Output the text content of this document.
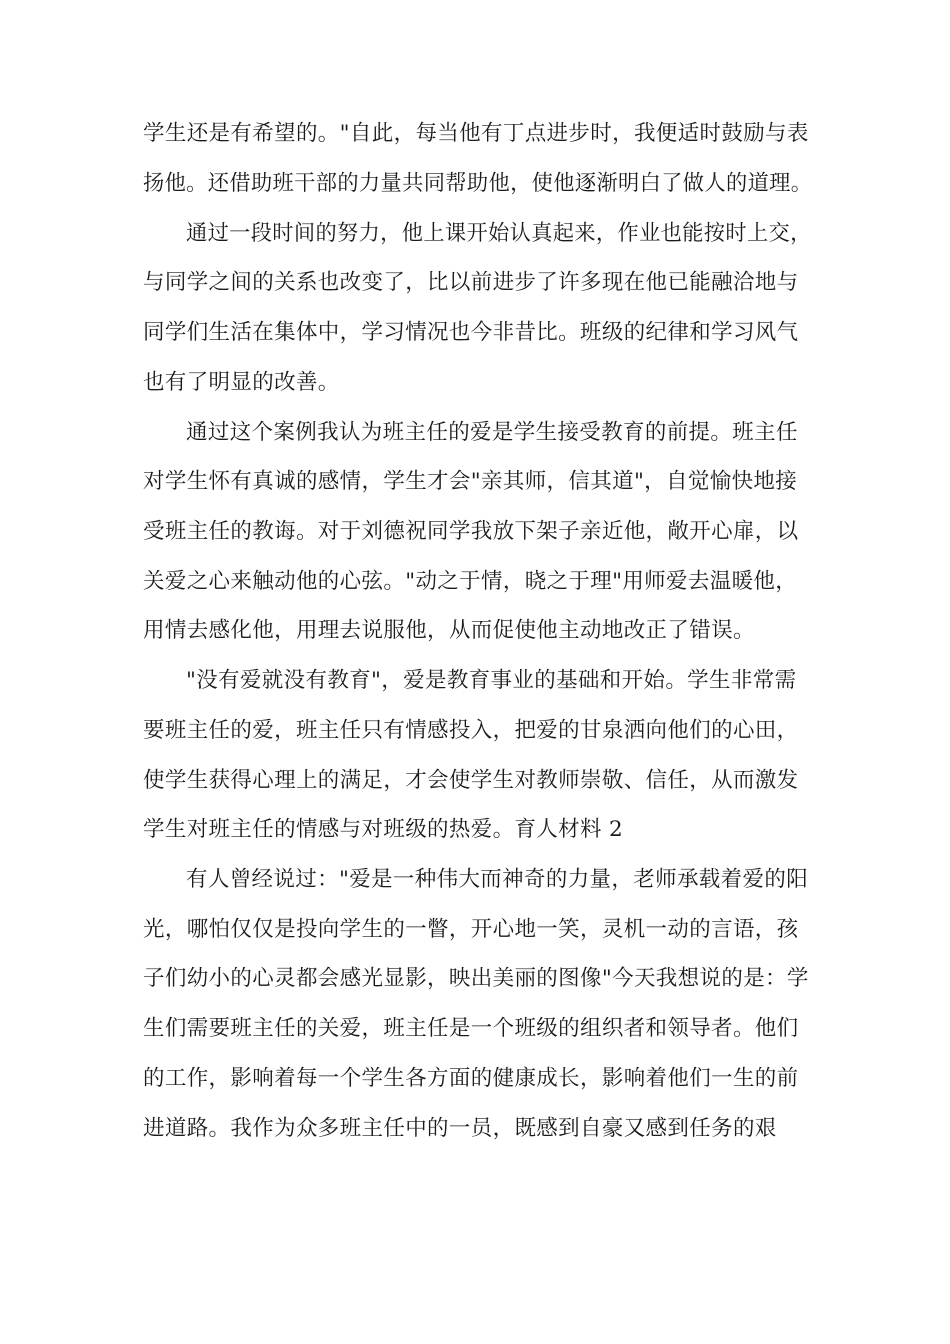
学生还是有希望的。"自此，每当他有丁点进步时，我便适时鼓励与表

扬他。还借助班干部的力量共同帮助他，使他逐渐明白了做人的道理。

通过一段时间的努力，他上课开始认真起来，作业也能按时上交，

与同学之间的关系也改变了，比以前进步了许多现在他已能融洽地与

同学们生活在集体中，学习情况也今非昔比。班级的纪律和学习风气

也有了明显的改善。

通过这个案例我认为班主任的爱是学生接受教育的前提。班主任

对学生怀有真诚的感情，学生才会"亲其师，信其道"，自觉愉快地接

受班主任的教诲。对于刘德祝同学我放下架子亲近他，敞开心扉，以

关爱之心来触动他的心弦。"动之于情，晓之于理"用师爱去温暖他，

用情去感化他，用理去说服他，从而促使他主动地改正了错误。

"没有爱就没有教育"，爱是教育事业的基础和开始。学生非常需

要班主任的爱，班主任只有情感投入，把爱的甘泉洒向他们的心田，

使学生获得心理上的满足，才会使学生对教师崇敬、信任，从而激发

学生对班主任的情感与对班级的热爱。育人材料 2

有人曾经说过："爱是一种伟大而神奇的力量，老师承载着爱的阳

光，哪怕仅仅是投向学生的一瞥，开心地一笑，灵机一动的言语，孩

子们幼小的心灵都会感光显影，映出美丽的图像"今天我想说的是：学

生们需要班主任的关爱，班主任是一个班级的组织者和领导者。他们

的工作，影响着每一个学生各方面的健康成长，影响着他们一生的前

进道路。我作为众多班主任中的一员，既感到自豪又感到任务的艰
